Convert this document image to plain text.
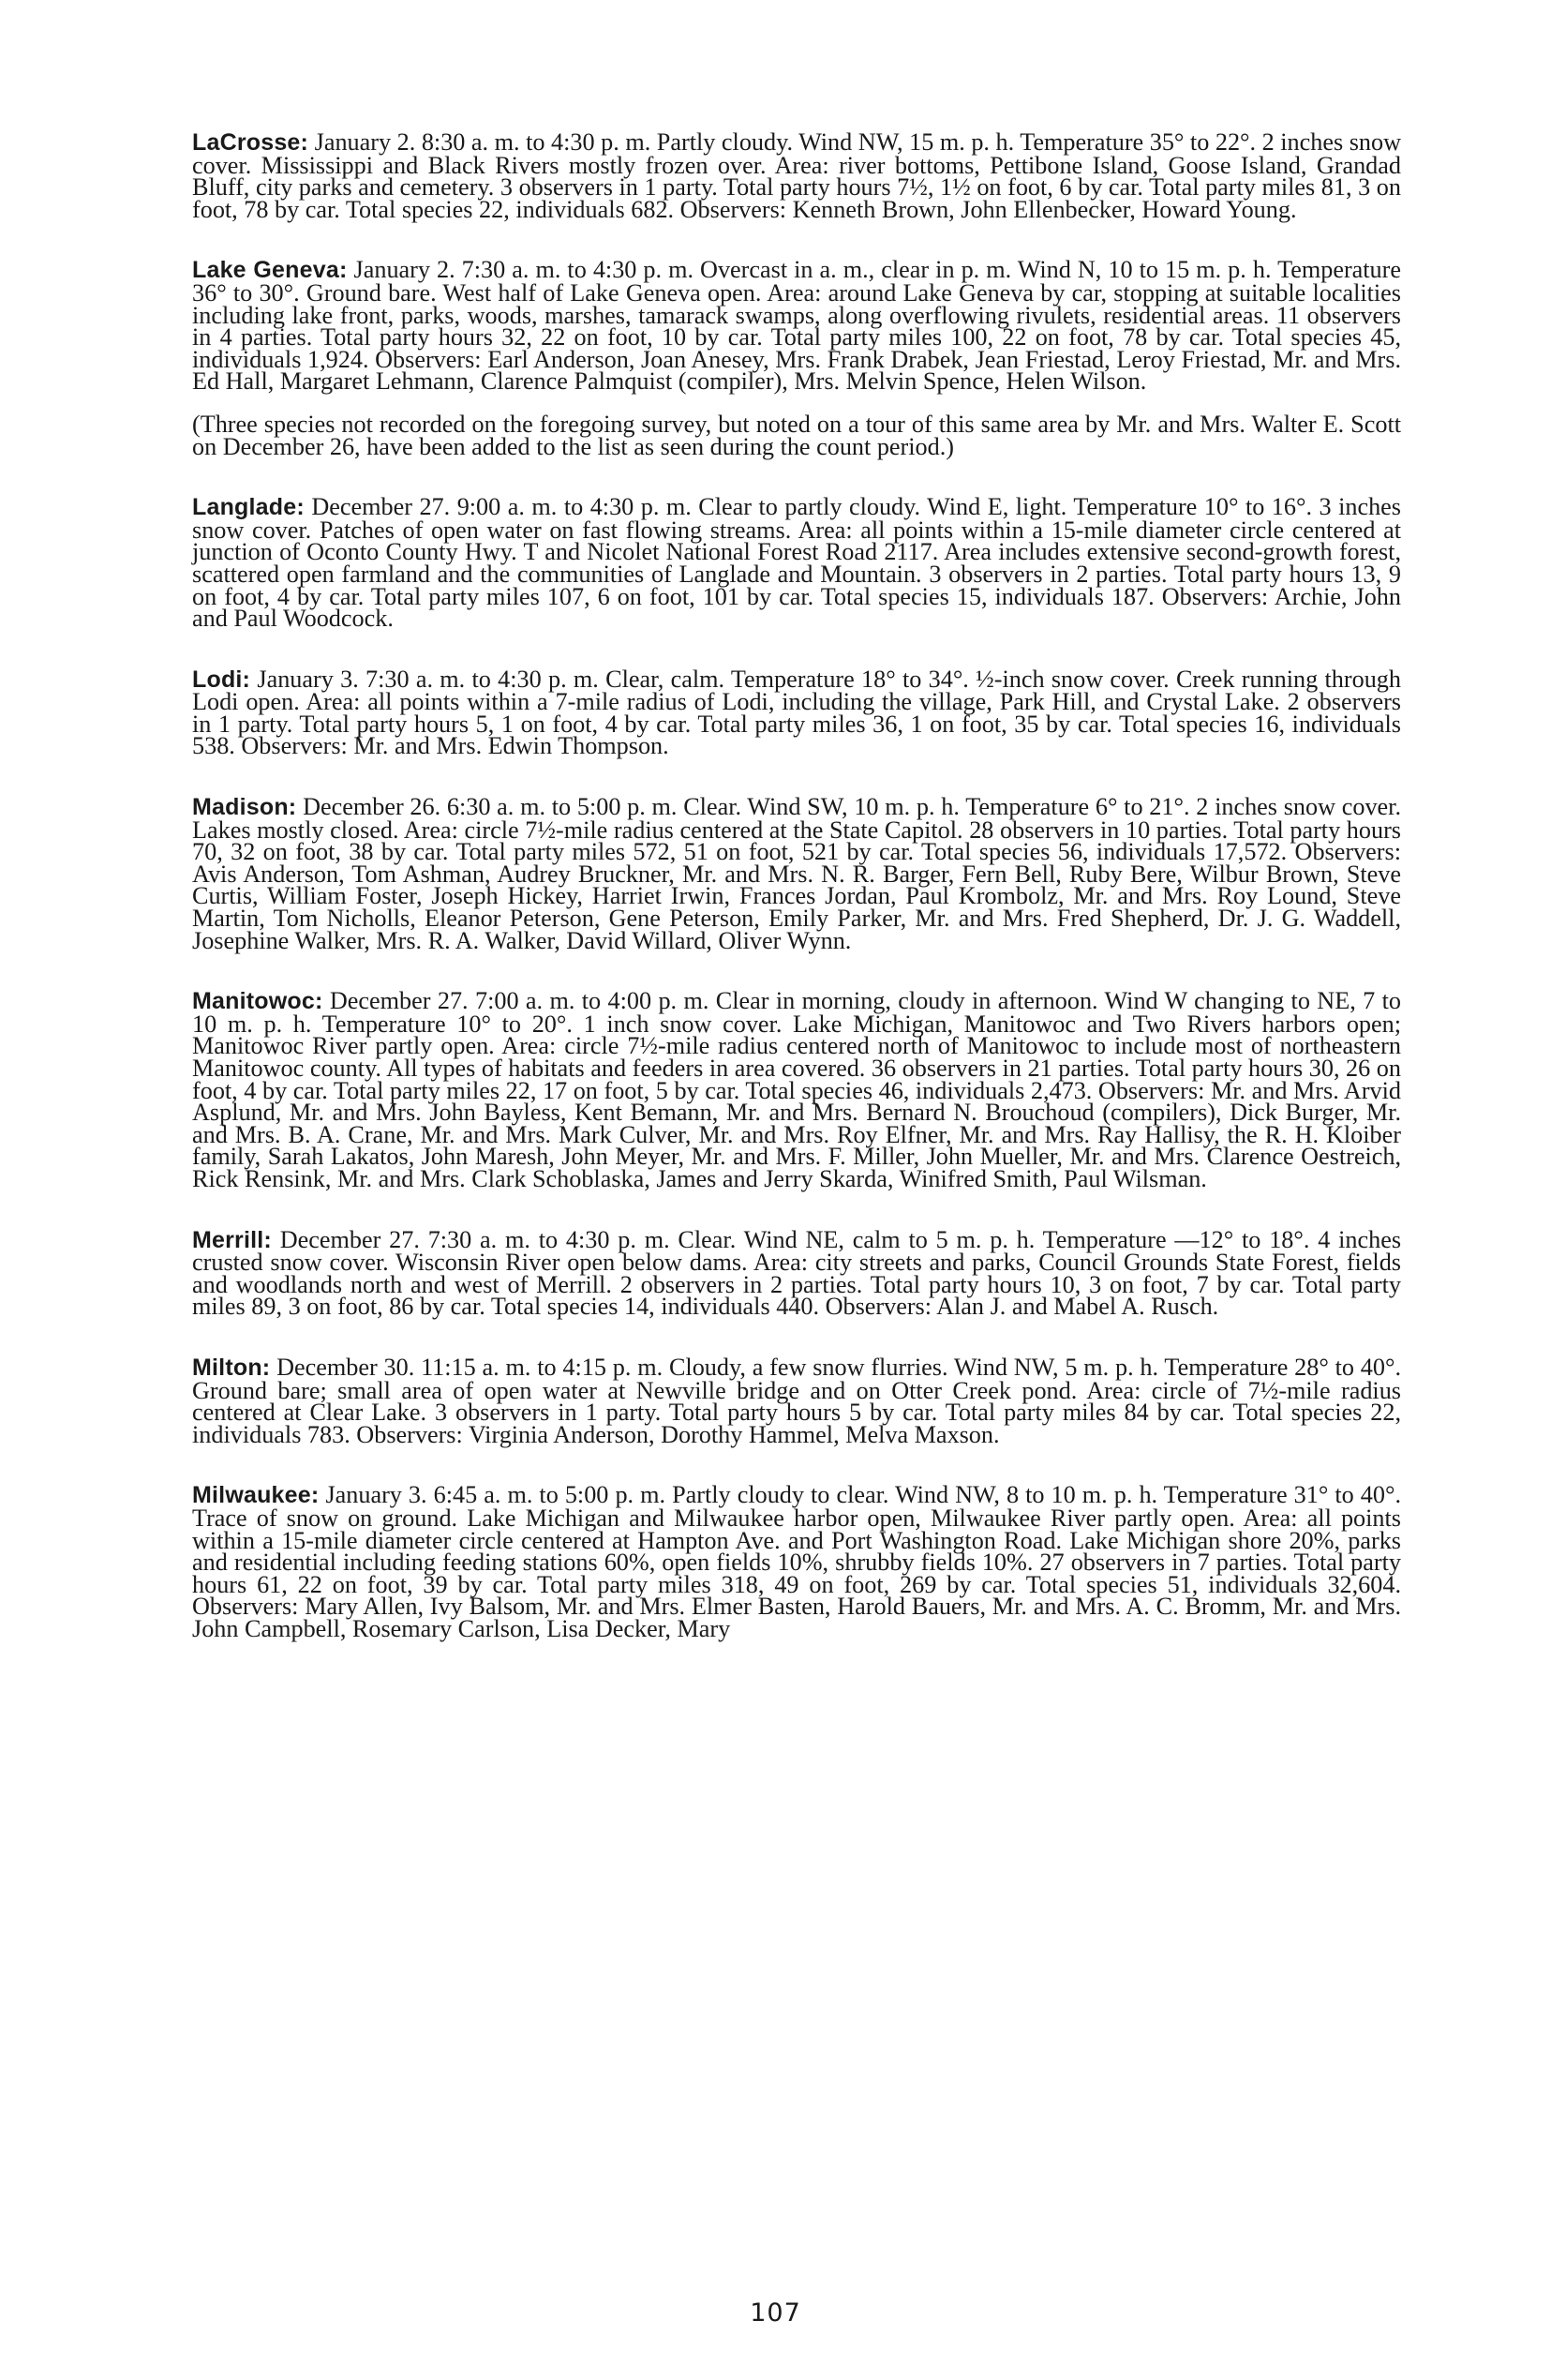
LaCrosse: January 2. 8:30 a. m. to 4:30 p. m. Partly cloudy. Wind NW, 15 m. p. h. Temperature 35° to 22°. 2 inches snow cover. Mississippi and Black Rivers mostly frozen over. Area: river bottoms, Pettibone Island, Goose Island, Grandad Bluff, city parks and cemetery. 3 observers in 1 party. Total party hours 7½, 1½ on foot, 6 by car. Total party miles 81, 3 on foot, 78 by car. Total species 22, individuals 682. Observers: Kenneth Brown, John Ellenbecker, Howard Young.

Lake Geneva: January 2. 7:30 a. m. to 4:30 p. m. Overcast in a. m., clear in p. m. Wind N, 10 to 15 m. p. h. Temperature 36° to 30°. Ground bare. West half of Lake Geneva open. Area: around Lake Geneva by car, stopping at suitable localities including lake front, parks, woods, marshes, tamarack swamps, along overflowing rivulets, residential areas. 11 observers in 4 parties. Total party hours 32, 22 on foot, 10 by car. Total party miles 100, 22 on foot, 78 by car. Total species 45, individuals 1,924. Observers: Earl Anderson, Joan Anesey, Mrs. Frank Drabek, Jean Friestad, Leroy Friestad, Mr. and Mrs. Ed Hall, Margaret Lehmann, Clarence Palmquist (compiler), Mrs. Melvin Spence, Helen Wilson.

(Three species not recorded on the foregoing survey, but noted on a tour of this same area by Mr. and Mrs. Walter E. Scott on December 26, have been added to the list as seen during the count period.)

Langlade: December 27. 9:00 a. m. to 4:30 p. m. Clear to partly cloudy. Wind E, light. Temperature 10° to 16°. 3 inches snow cover. Patches of open water on fast flowing streams. Area: all points within a 15-mile diameter circle centered at junction of Oconto County Hwy. T and Nicolet National Forest Road 2117. Area includes extensive second-growth forest, scattered open farmland and the communities of Langlade and Mountain. 3 observers in 2 parties. Total party hours 13, 9 on foot, 4 by car. Total party miles 107, 6 on foot, 101 by car. Total species 15, individuals 187. Observers: Archie, John and Paul Woodcock.

Lodi: January 3. 7:30 a. m. to 4:30 p. m. Clear, calm. Temperature 18° to 34°. ½-inch snow cover. Creek running through Lodi open. Area: all points within a 7-mile radius of Lodi, including the village, Park Hill, and Crystal Lake. 2 observers in 1 party. Total party hours 5, 1 on foot, 4 by car. Total party miles 36, 1 on foot, 35 by car. Total species 16, individuals 538. Observers: Mr. and Mrs. Edwin Thompson.

Madison: December 26. 6:30 a. m. to 5:00 p. m. Clear. Wind SW, 10 m. p. h. Temperature 6° to 21°. 2 inches snow cover. Lakes mostly closed. Area: circle 7½-mile radius centered at the State Capitol. 28 observers in 10 parties. Total party hours 70, 32 on foot, 38 by car. Total party miles 572, 51 on foot, 521 by car. Total species 56, individuals 17,572. Observers: Avis Anderson, Tom Ashman, Audrey Bruckner, Mr. and Mrs. N. R. Barger, Fern Bell, Ruby Bere, Wilbur Brown, Steve Curtis, William Foster, Joseph Hickey, Harriet Irwin, Frances Jordan, Paul Krombolz, Mr. and Mrs. Roy Lound, Steve Martin, Tom Nicholls, Eleanor Peterson, Gene Peterson, Emily Parker, Mr. and Mrs. Fred Shepherd, Dr. J. G. Waddell, Josephine Walker, Mrs. R. A. Walker, David Willard, Oliver Wynn.

Manitowoc: December 27. 7:00 a. m. to 4:00 p. m. Clear in morning, cloudy in afternoon. Wind W changing to NE, 7 to 10 m. p. h. Temperature 10° to 20°. 1 inch snow cover. Lake Michigan, Manitowoc and Two Rivers harbors open; Manitowoc River partly open. Area: circle 7½-mile radius centered north of Manitowoc to include most of northeastern Manitowoc county. All types of habitats and feeders in area covered. 36 observers in 21 parties. Total party hours 30, 26 on foot, 4 by car. Total party miles 22, 17 on foot, 5 by car. Total species 46, individuals 2,473. Observers: Mr. and Mrs. Arvid Asplund, Mr. and Mrs. John Bayless, Kent Bemann, Mr. and Mrs. Bernard N. Brouchoud (compilers), Dick Burger, Mr. and Mrs. B. A. Crane, Mr. and Mrs. Mark Culver, Mr. and Mrs. Roy Elfner, Mr. and Mrs. Ray Hallisy, the R. H. Kloiber family, Sarah Lakatos, John Maresh, John Meyer, Mr. and Mrs. F. Miller, John Mueller, Mr. and Mrs. Clarence Oestreich, Rick Rensink, Mr. and Mrs. Clark Schoblaska, James and Jerry Skarda, Winifred Smith, Paul Wilsman.

Merrill: December 27. 7:30 a. m. to 4:30 p. m. Clear. Wind NE, calm to 5 m. p. h. Temperature —12° to 18°. 4 inches crusted snow cover. Wisconsin River open below dams. Area: city streets and parks, Council Grounds State Forest, fields and woodlands north and west of Merrill. 2 observers in 2 parties. Total party hours 10, 3 on foot, 7 by car. Total party miles 89, 3 on foot, 86 by car. Total species 14, individuals 440. Observers: Alan J. and Mabel A. Rusch.

Milton: December 30. 11:15 a. m. to 4:15 p. m. Cloudy, a few snow flurries. Wind NW, 5 m. p. h. Temperature 28° to 40°. Ground bare; small area of open water at Newville bridge and on Otter Creek pond. Area: circle of 7½-mile radius centered at Clear Lake. 3 observers in 1 party. Total party hours 5 by car. Total party miles 84 by car. Total species 22, individuals 783. Observers: Virginia Anderson, Dorothy Hammel, Melva Maxson.

Milwaukee: January 3. 6:45 a. m. to 5:00 p. m. Partly cloudy to clear. Wind NW, 8 to 10 m. p. h. Temperature 31° to 40°. Trace of snow on ground. Lake Michigan and Milwaukee harbor open, Milwaukee River partly open. Area: all points within a 15-mile diameter circle centered at Hampton Ave. and Port Washington Road. Lake Michigan shore 20%, parks and residential including feeding stations 60%, open fields 10%, shrubby fields 10%. 27 observers in 7 parties. Total party hours 61, 22 on foot, 39 by car. Total party miles 318, 49 on foot, 269 by car. Total species 51, individuals 32,604. Observers: Mary Allen, Ivy Balsom, Mr. and Mrs. Elmer Basten, Harold Bauers, Mr. and Mrs. A. C. Bromm, Mr. and Mrs. John Campbell, Rosemary Carlson, Lisa Decker, Mary

107
